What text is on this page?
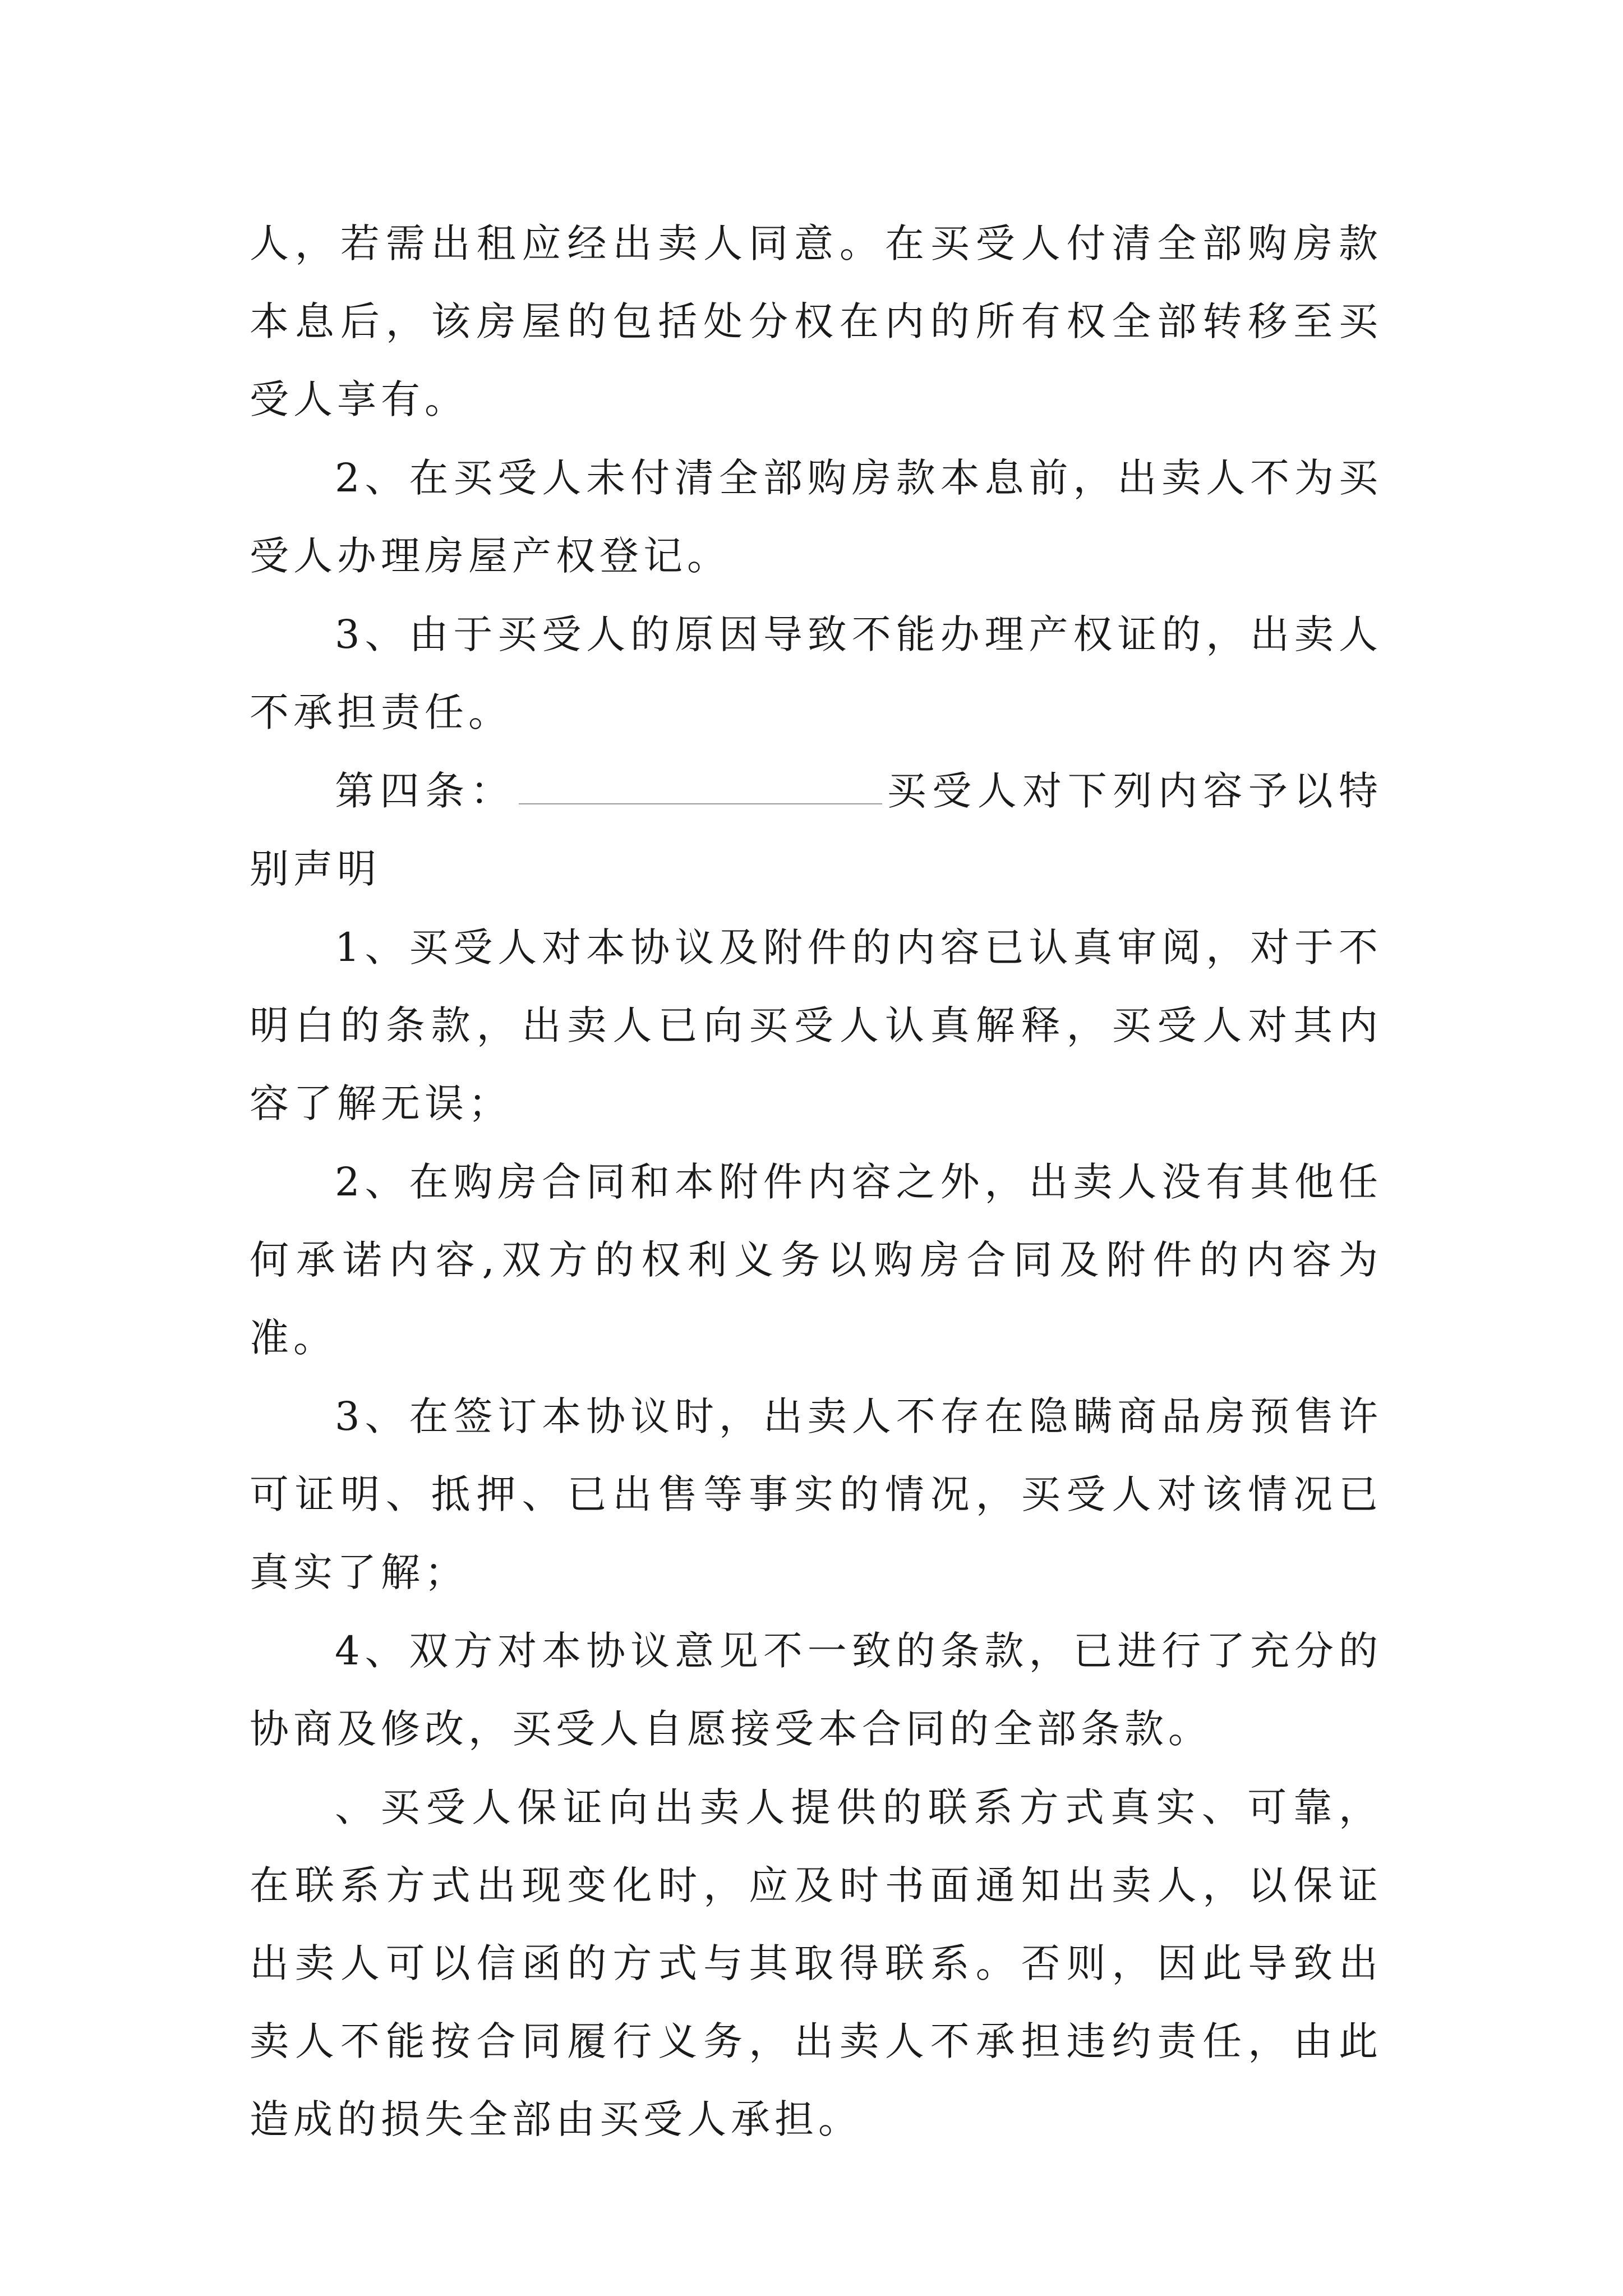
人，若需出租应经出卖人同意。在买受人付清全部购房款本息后，该房屋的包括处分权在内的所有权全部转移至买受人享有。

2、在买受人未付清全部购房款本息前，出卖人不为买受人办理房屋产权登记。

3、由于买受人的原因导致不能办理产权证的，出卖人不承担责任。

第四条：	买受人对下列内容予以特别声明

1、买受人对本协议及附件的内容已认真审阅，对于不明白的条款，出卖人已向买受人认真解释，买受人对其内容了解无误；

2、在购房合同和本附件内容之外，出卖人没有其他任何承诺内容,双方的权利义务以购房合同及附件的内容为准。

3、在签订本协议时，出卖人不存在隐瞒商品房预售许可证明、抵押、已出售等事实的情况，买受人对该情况已真实了解；

4、双方对本协议意见不一致的条款，已进行了充分的协商及修改，买受人自愿接受本合同的全部条款。

、买受人保证向出卖人提供的联系方式真实、可靠，在联系方式出现变化时，应及时书面通知出卖人，以保证出卖人可以信函的方式与其取得联系。否则，因此导致出卖人不能按合同履行义务，出卖人不承担违约责任，由此造成的损失全部由买受人承担。
